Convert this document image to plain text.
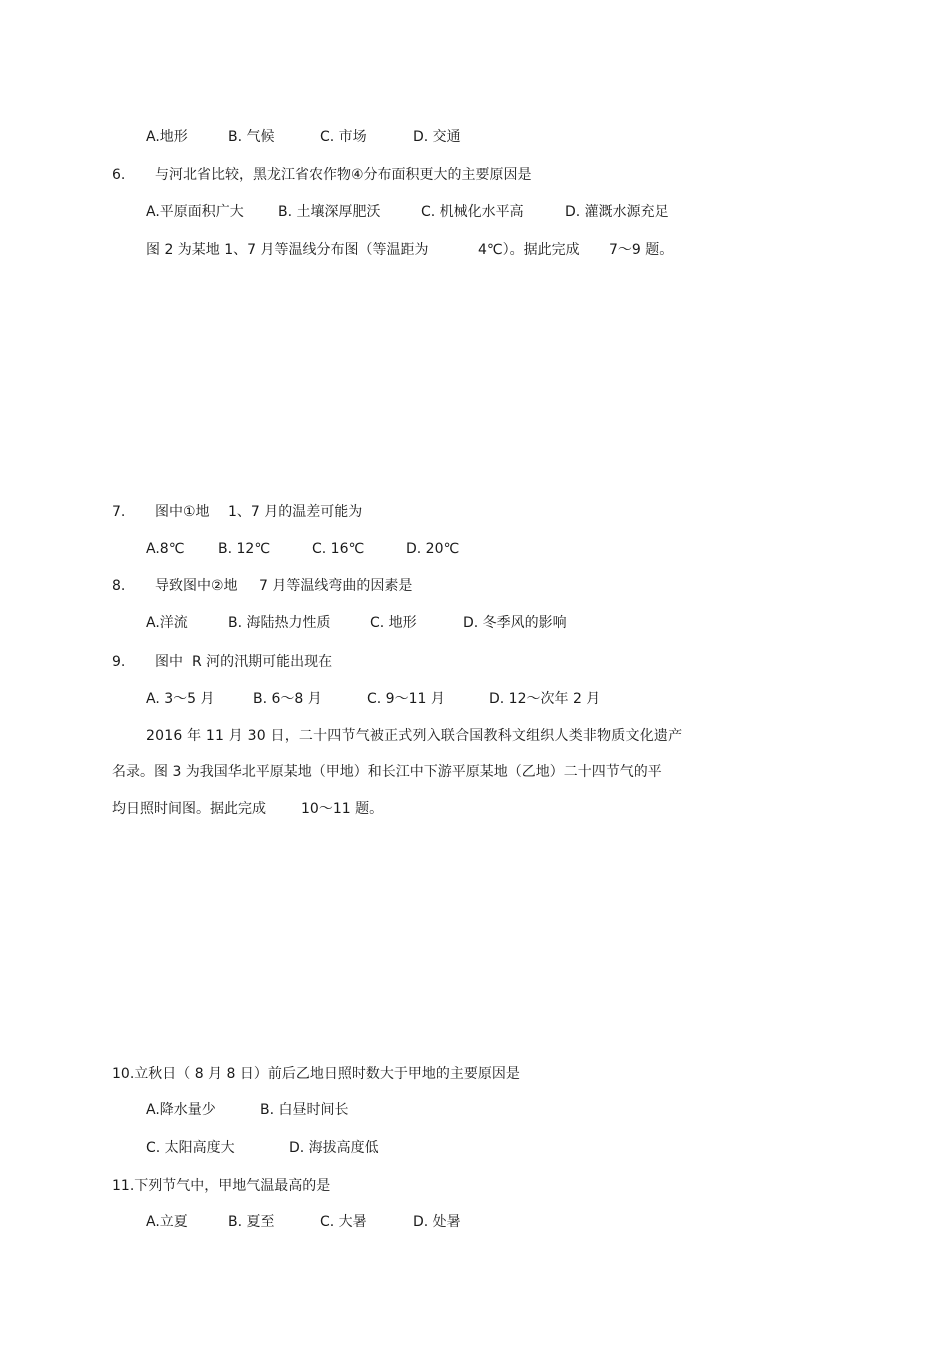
A.地形	B. 气候	C. 市场	D. 交通
6. 与河北省比较，黑龙江省农作物④分布面积更大的主要原因是
A.平原面积广大 B. 土壤深厚肥沃	C. 机械化水平高	D. 灌溉水源充足
图 2 为某地 1、7 月等温线分布图（等温距为	4℃）。据此完成 7～9 题。
7. 图中①地 1、7 月的温差可能为
A.8℃ B. 12℃	C. 16℃	D. 20℃
8. 导致图中②地 7 月等温线弯曲的因素是
A.洋流	B. 海陆热力性质	C. 地形	D. 冬季风的影响
9. 图中 R 河的汛期可能出现在
A. 3～5 月	B. 6～8 月	C. 9～11 月	D. 12～次年 2 月
2016 年 11 月 30 日，二十四节气被正式列入联合国教科文组织人类非物质文化遗产
名录。图 3 为我国华北平原某地（甲地）和长江中下游平原某地（乙地）二十四节气的平
均日照时间图。据此完成	10～11 题。
10.立秋日（ 8 月 8 日）前后乙地日照时数大于甲地的主要原因是
A.降水量少	B. 白昼时间长
C. 太阳高度大	D. 海拔高度低
11.下列节气中，甲地气温最高的是
A.立夏	B. 夏至	C. 大暑	D. 处暑
